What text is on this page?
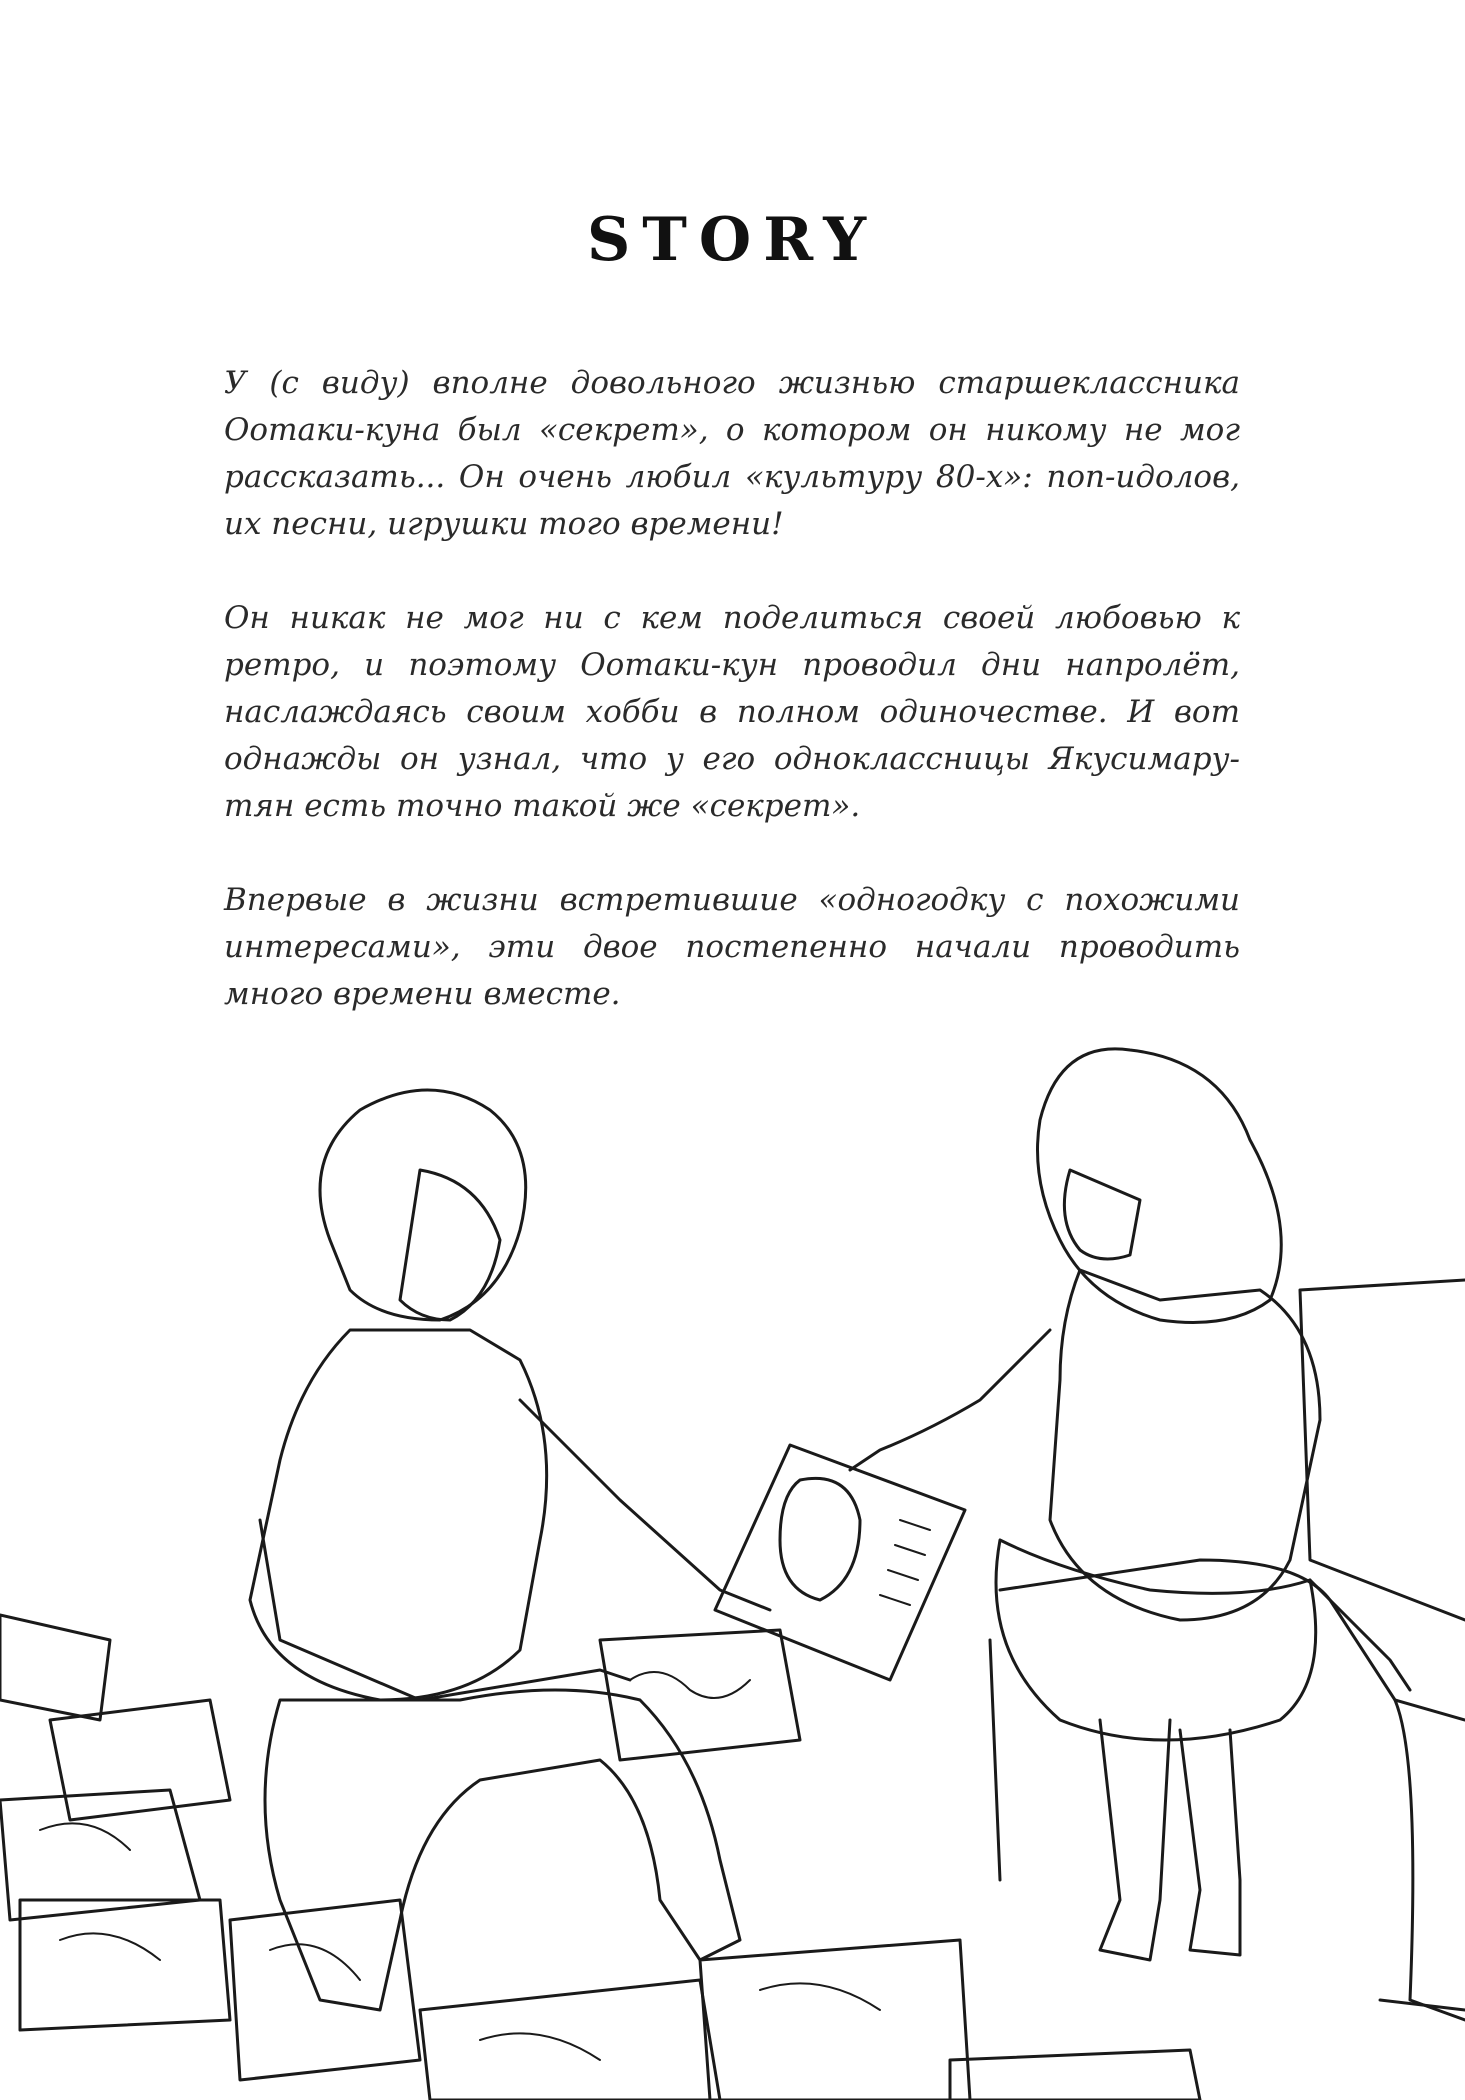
STORY

У (с виду) вполне довольного жизнью старшеклассника Оотаки-куна был «секрет», о котором он никому не мог рассказать... Он очень любил «культуру 80-х»: поп-идолов, их песни, игрушки того времени!

Он никак не мог ни с кем поделиться своей любовью к ретро, и поэтому Оотаки-кун проводил дни напролёт, наслаждаясь своим хобби в полном одиночестве. И вот однажды он узнал, что у его одноклассницы Якусимару-тян есть точно такой же «секрет».

Впервые в жизни встретившие «одногодку с похожими интересами», эти двое постепенно начали проводить много времени вместе.
